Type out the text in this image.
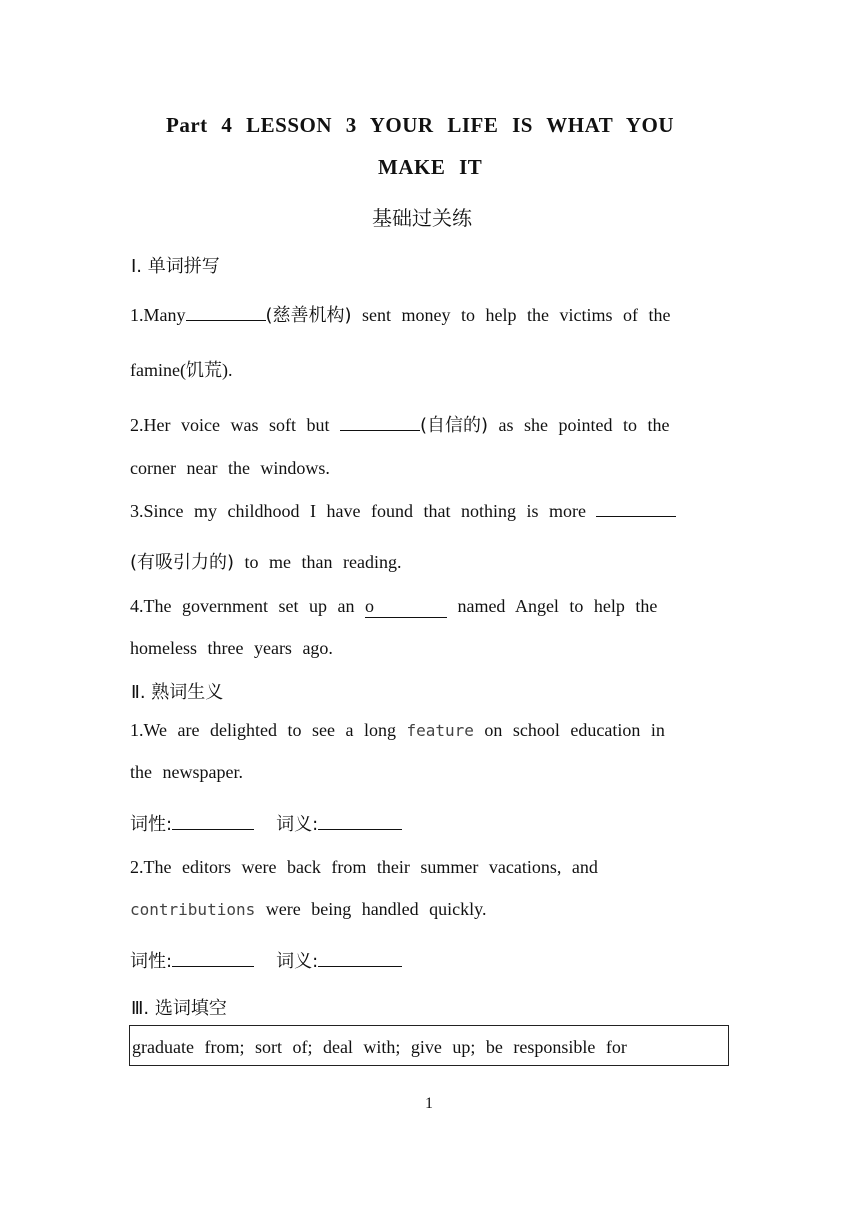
Part 4 LESSON 3 YOUR LIFE IS WHAT YOU
MAKE IT
基础过关练
Ⅰ. 单词拼写
1.Many	(慈善机构) sent money to help the victims of the
famine(饥荒).
2.Her voice was soft but	(自信的) as she pointed to the
corner near the windows.
3.Since my childhood I have found that nothing is more
(有吸引力的) to me than reading.
4.The government set up an o	named Angel to help the
homeless three years ago.
Ⅱ. 熟词生义
1.We are delighted to see a long feature on school education in
the newspaper.
词性:	词义:
2.The editors were back from their summer vacations, and
contributions were being handled quickly.
词性:	词义:
Ⅲ. 选词填空
graduate from; sort of; deal with; give up; be responsible for
1
